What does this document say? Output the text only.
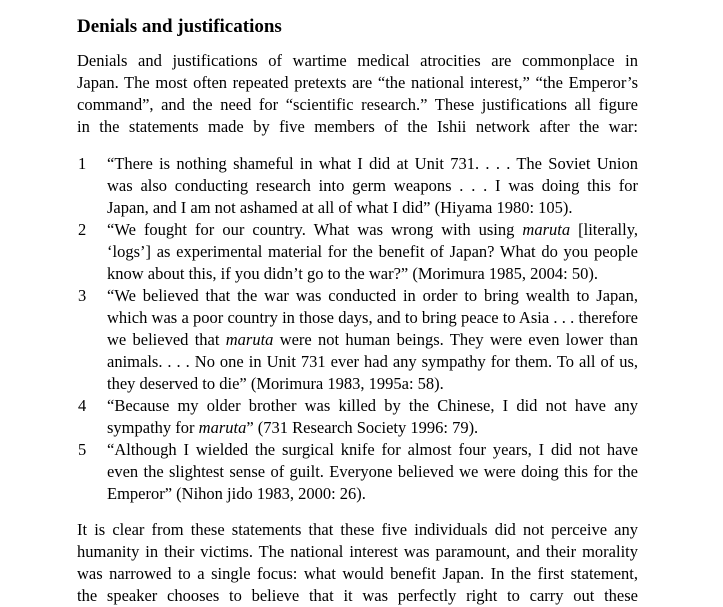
Denials and justifications
Denials and justifications of wartime medical atrocities are commonplace in
Japan. The most often repeated pretexts are “the national interest,” “the Emperor’s
command”, and the need for “scientific research.” These justifications all figure
in the statements made by five members of the Ishii network after the war:
1 “There is nothing shameful in what I did at Unit 731. . . . The Soviet Union
was also conducting research into germ weapons . . . I was doing this for
Japan, and I am not ashamed at all of what I did” (Hiyama 1980: 105).
2 “We fought for our country. What was wrong with using maruta [literally,
‘logs’] as experimental material for the benefit of Japan? What do you people
know about this, if you didn’t go to the war?” (Morimura 1985, 2004: 50).
3 “We believed that the war was conducted in order to bring wealth to Japan,
which was a poor country in those days, and to bring peace to Asia . . . therefore
we believed that maruta were not human beings. They were even lower than
animals. . . . No one in Unit 731 ever had any sympathy for them. To all of us,
they deserved to die” (Morimura 1983, 1995a: 58).
4 “Because my older brother was killed by the Chinese, I did not have any
sympathy for maruta” (731 Research Society 1996: 79).
5 “Although I wielded the surgical knife for almost four years, I did not have
even the slightest sense of guilt. Everyone believed we were doing this for the
Emperor” (Nihon jido 1983, 2000: 26).
It is clear from these statements that these five individuals did not perceive any
humanity in their victims. The national interest was paramount, and their morality
was narrowed to a single focus: what would benefit Japan. In the first statement,
the speaker chooses to believe that it was perfectly right to carry out these
